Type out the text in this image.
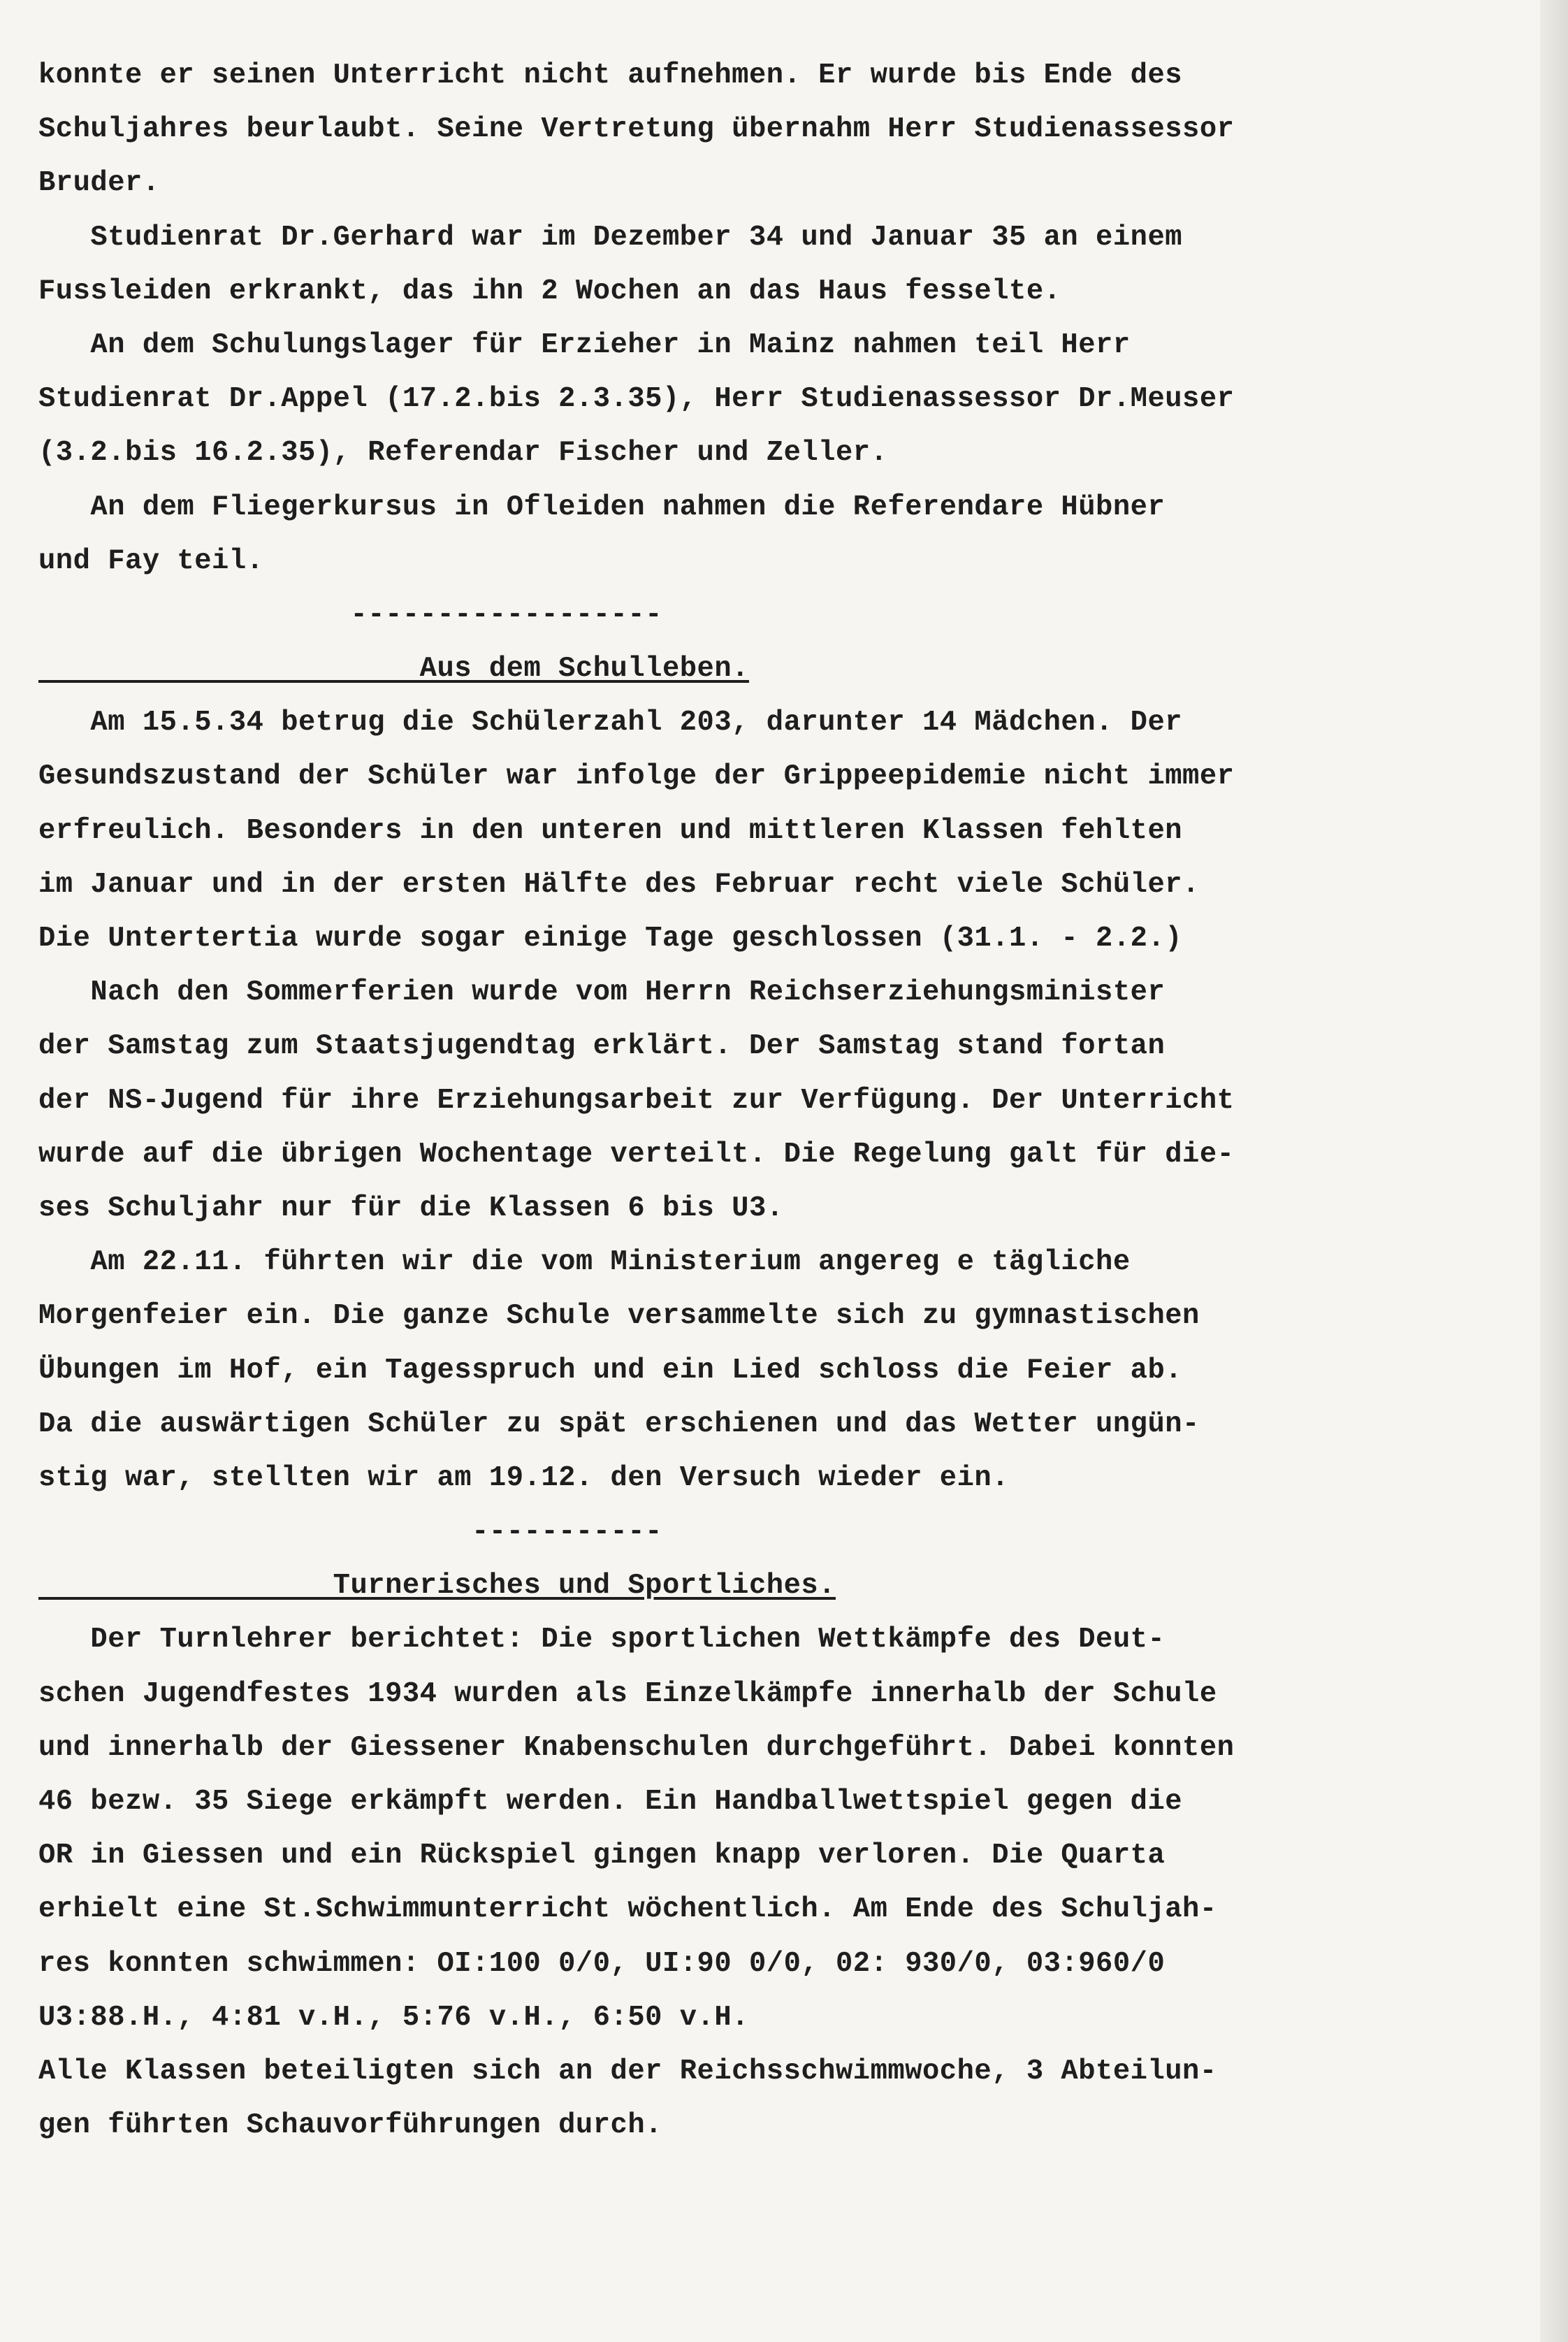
konnte er seinen Unterricht nicht aufnehmen. Er wurde bis Ende des
Schuljahres beurlaubt. Seine Vertretung übernahm Herr Studienassessor
Bruder.
Studienrat Dr.Gerhard war im Dezember 34 und Januar 35 an einem
Fussleiden erkrankt, das ihn 2 Wochen an das Haus fesselte.
An dem Schulungslager für Erzieher in Mainz nahmen teil Herr
Studienrat Dr.Appel (17.2.bis 2.3.35), Herr Studienassessor Dr.Meuser
(3.2.bis 16.2.35), Referendar Fischer und Zeller.
An dem Fliegerkursus in Ofleiden nahmen die Referendare Hübner
und Fay teil.
------------------
Aus dem Schulleben.
Am 15.5.34 betrug die Schülerzahl 203, darunter 14 Mädchen. Der
Gesundszustand der Schüler war infolge der Grippeepidemie nicht immer
erfreulich. Besonders in den unteren und mittleren Klassen fehlten
im Januar und in der ersten Hälfte des Februar recht viele Schüler.
Die Untertertia wurde sogar einige Tage geschlossen (31.1. - 2.2.)
Nach den Sommerferien wurde vom Herrn Reichserziehungsminister
der Samstag zum Staatsjugendtag erklärt. Der Samstag stand fortan
der NS-Jugend für ihre Erziehungsarbeit zur Verfügung. Der Unterricht
wurde auf die übrigen Wochentage verteilt. Die Regelung galt für die-
ses Schuljahr nur für die Klassen 6 bis U3.
Am 22.11. führten wir die vom Ministerium angereg e tägliche
Morgenfeier ein. Die ganze Schule versammelte sich zu gymnastischen
Übungen im Hof, ein Tagesspruch und ein Lied schloss die Feier ab.
Da die auswärtigen Schüler zu spät erschienen und das Wetter ungün-
stig war, stellten wir am 19.12. den Versuch wieder ein.
-----------
Turnerisches und Sportliches.
Der Turnlehrer berichtet: Die sportlichen Wettkämpfe des Deut-
schen Jugendfestes 1934 wurden als Einzelkämpfe innerhalb der Schule
und innerhalb der Giessener Knabenschulen durchgeführt. Dabei konnten
46 bezw. 35 Siege erkämpft werden. Ein Handballwettspiel gegen die
OR in Giessen und ein Rückspiel gingen knapp verloren. Die Quarta
erhielt eine St.Schwimmunterricht wöchentlich. Am Ende des Schuljah-
res konnten schwimmen: OI:100 0/0, UI:90 0/0, 02: 930/0, 03:960/0
U3:88.H., 4:81 v.H., 5:76 v.H., 6:50 v.H.
Alle Klassen beteiligten sich an der Reichsschwimmwoche, 3 Abteilun-
gen führten Schauvorführungen durch.
